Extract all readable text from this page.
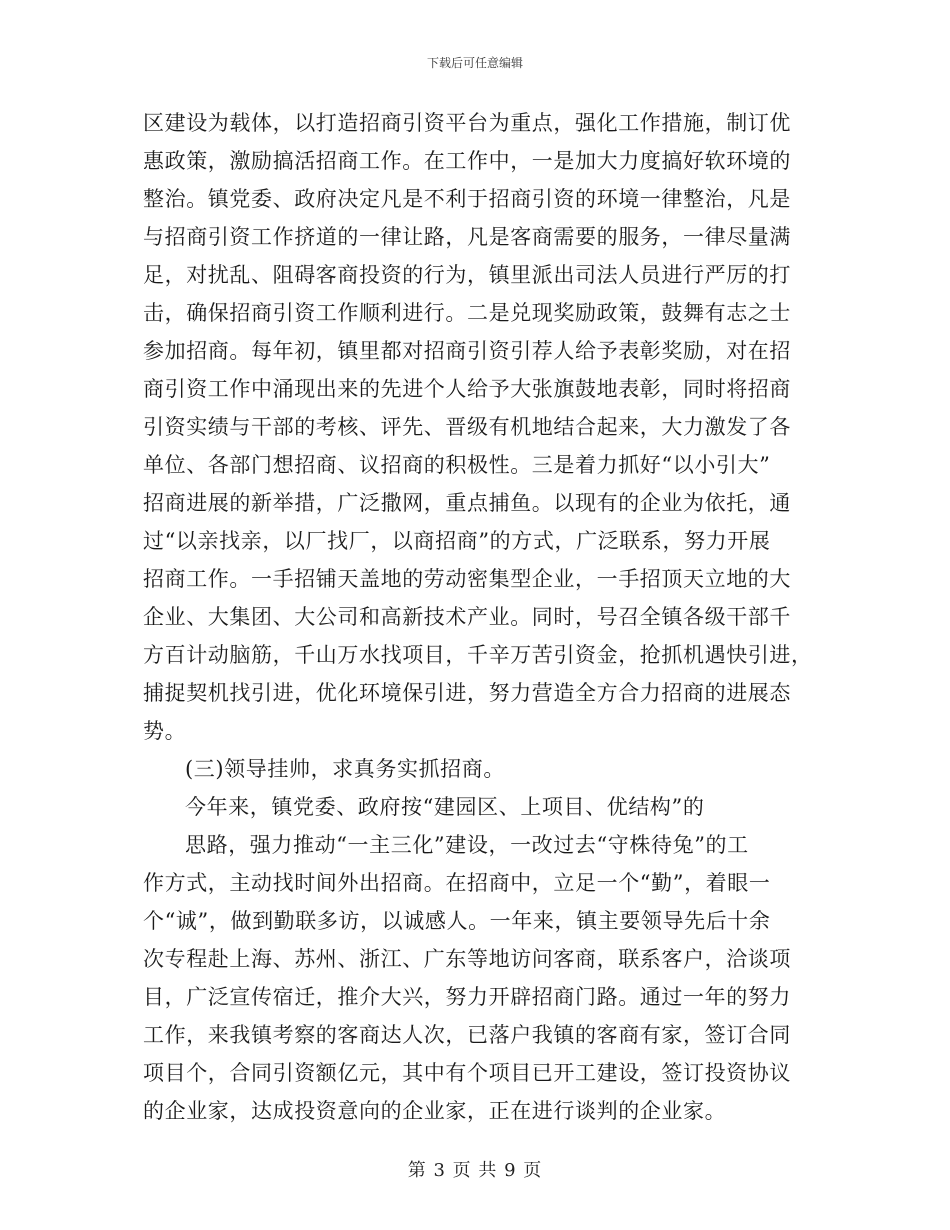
下载后可任意编辑
区建设为载体，以打造招商引资平台为重点，强化工作措施，制订优
惠政策，激励搞活招商工作。在工作中，一是加大力度搞好软环境的
整治。镇党委、政府决定凡是不利于招商引资的环境一律整治，凡是
与招商引资工作挤道的一律让路，凡是客商需要的服务，一律尽量满
足，对扰乱、阻碍客商投资的行为，镇里派出司法人员进行严厉的打
击，确保招商引资工作顺利进行。二是兑现奖励政策，鼓舞有志之士
参加招商。每年初，镇里都对招商引资引荐人给予表彰奖励，对在招
商引资工作中涌现出来的先进个人给予大张旗鼓地表彰，同时将招商
引资实绩与干部的考核、评先、晋级有机地结合起来，大力激发了各
单位、各部门想招商、议招商的积极性。三是着力抓好“以小引大”
招商进展的新举措，广泛撒网，重点捕鱼。以现有的企业为依托，通
过“以亲找亲，以厂找厂，以商招商”的方式，广泛联系，努力开展
招商工作。一手招铺天盖地的劳动密集型企业，一手招顶天立地的大
企业、大集团、大公司和高新技术产业。同时，号召全镇各级干部千
方百计动脑筋，千山万水找项目，千辛万苦引资金，抢抓机遇快引进，
捕捉契机找引进，优化环境保引进，努力营造全方合力招商的进展态
势。
(三)领导挂帅，求真务实抓招商。
今年来，镇党委、政府按“建园区、上项目、优结构”的
思路，强力推动“一主三化”建设，一改过去“守株待兔”的工
作方式，主动找时间外出招商。在招商中，立足一个“勤”，着眼一
个“诚”，做到勤联多访，以诚感人。一年来，镇主要领导先后十余
次专程赴上海、苏州、浙江、广东等地访问客商，联系客户，洽谈项
目，广泛宣传宿迁，推介大兴，努力开辟招商门路。通过一年的努力
工作，来我镇考察的客商达人次，已落户我镇的客商有家，签订合同
项目个，合同引资额亿元，其中有个项目已开工建设，签订投资协议
的企业家，达成投资意向的企业家，正在进行谈判的企业家。
第 3 页 共 9 页
